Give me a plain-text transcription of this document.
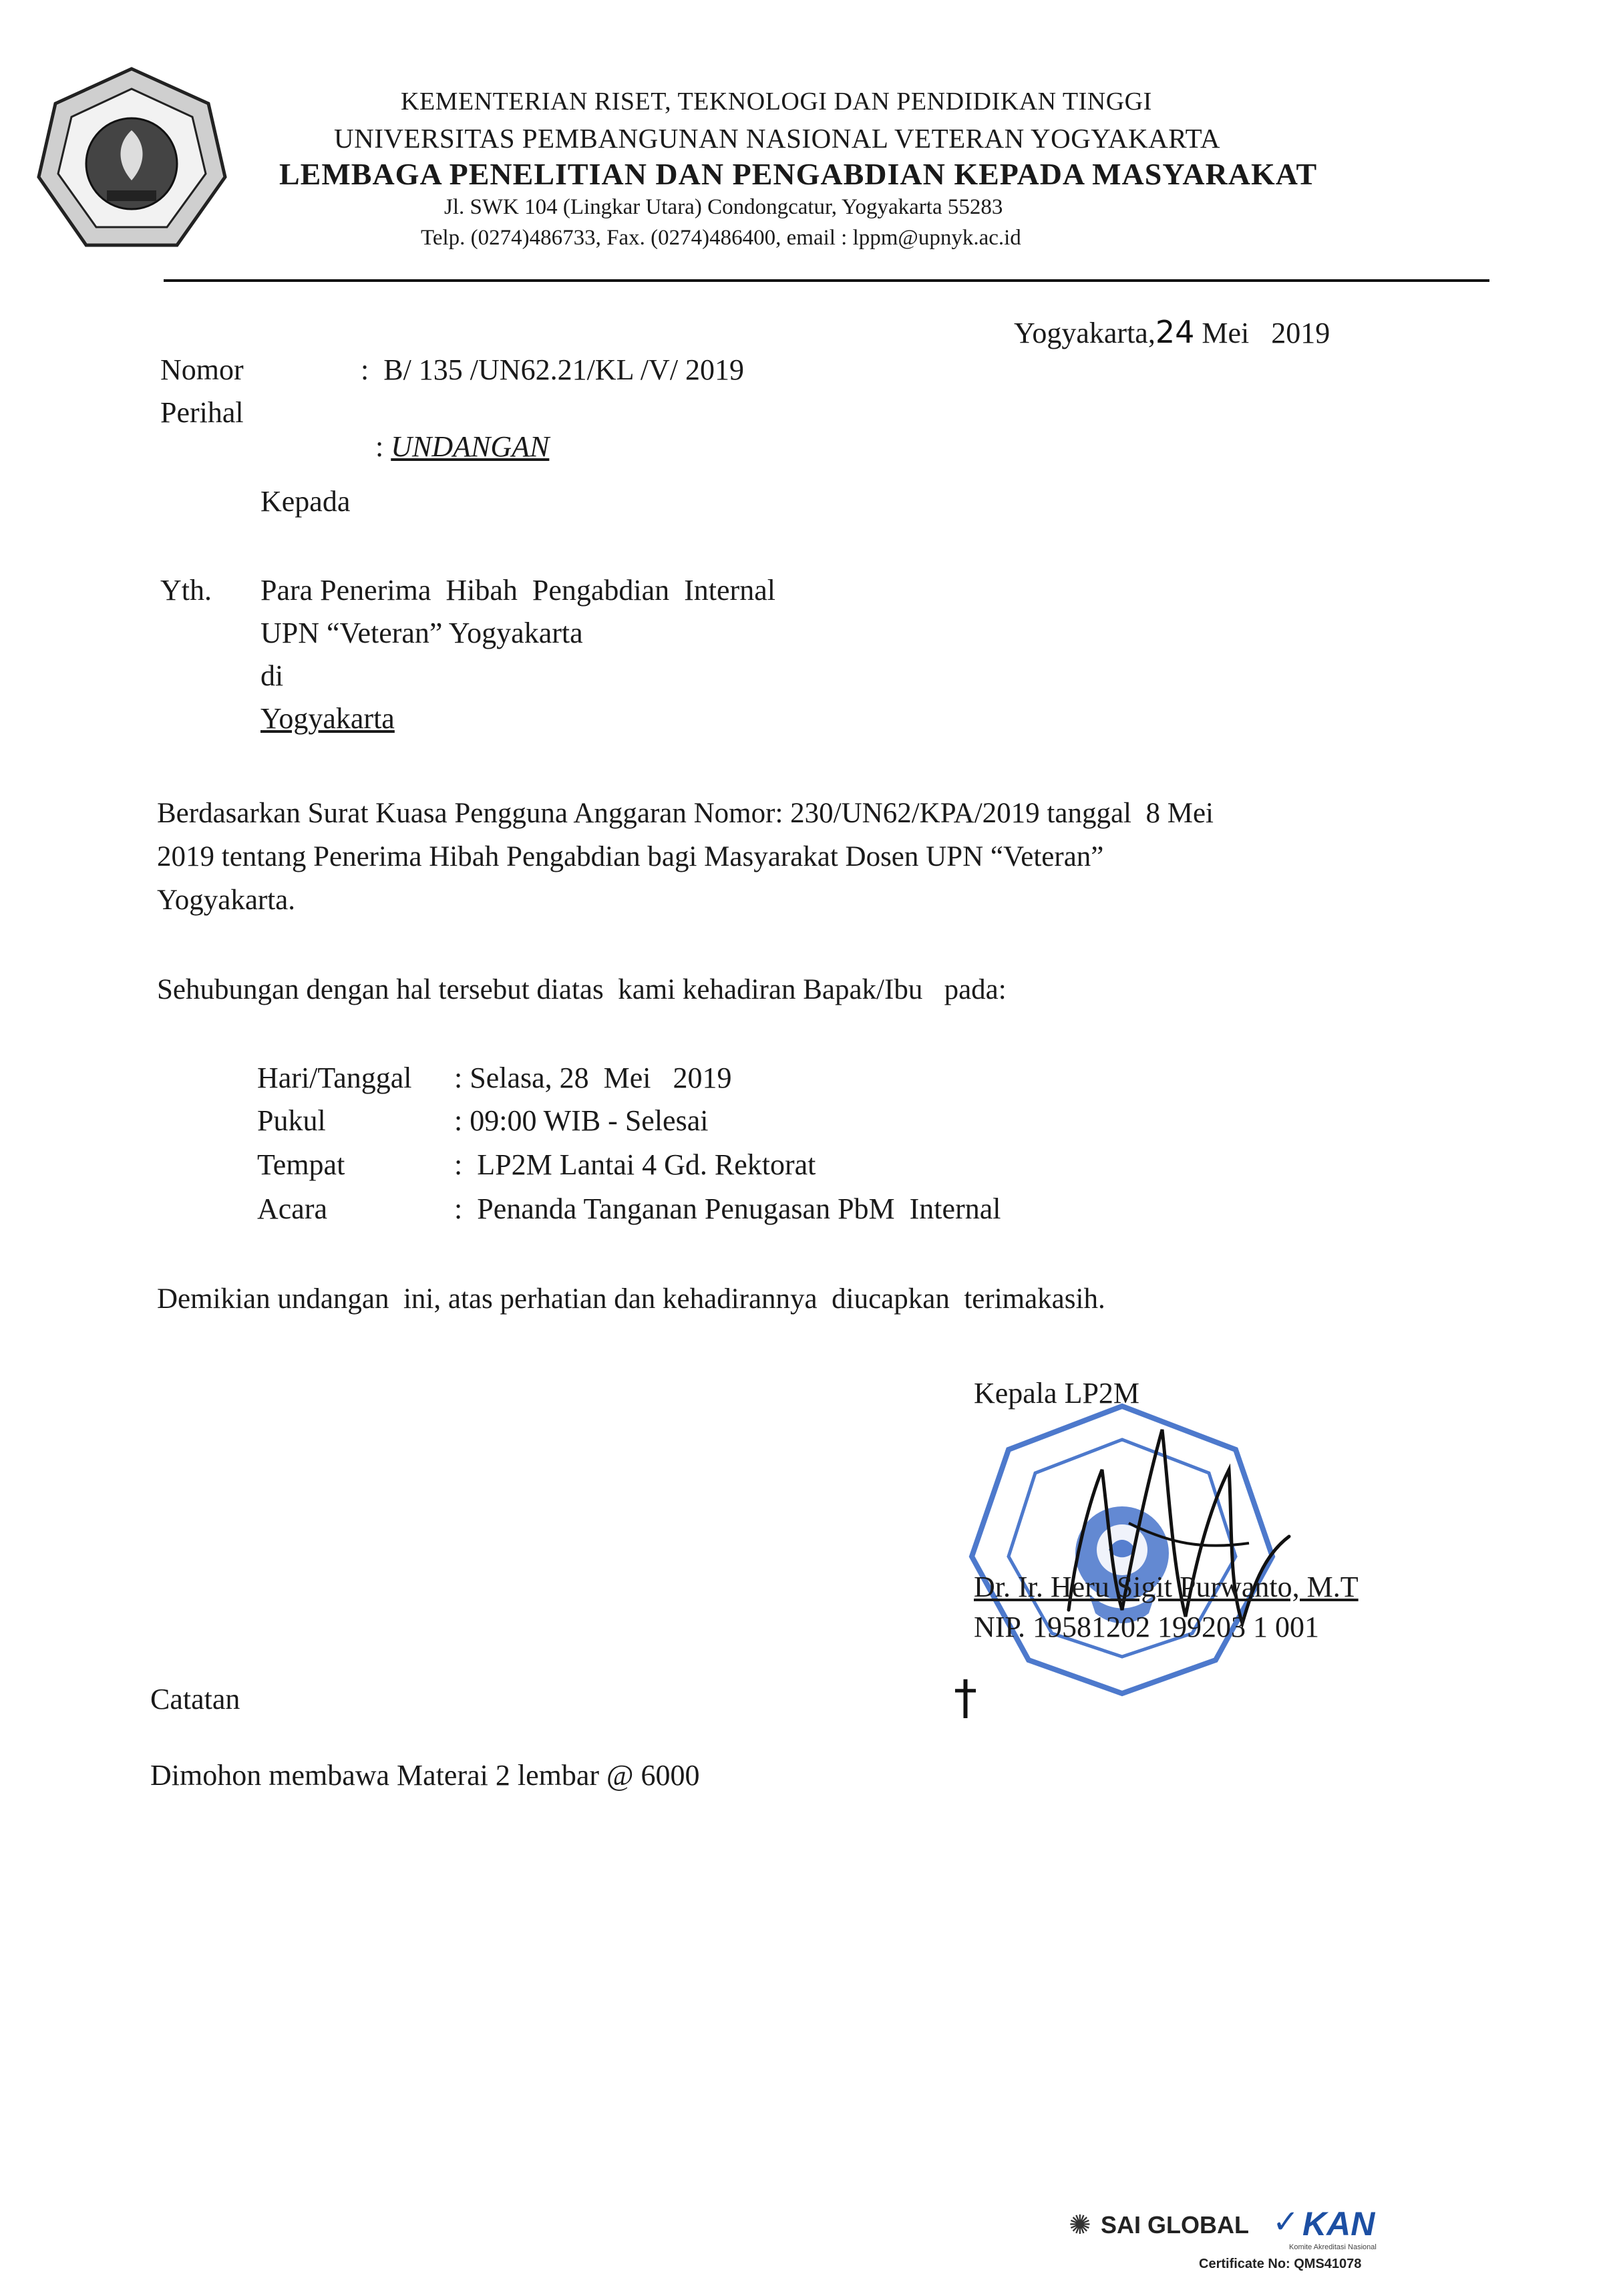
KEMENTERIAN RISET, TEKNOLOGI DAN PENDIDIKAN TINGGI
UNIVERSITAS PEMBANGUNAN NASIONAL VETERAN YOGYAKARTA
LEMBAGA PENELITIAN DAN PENGABDIAN KEPADA MASYARAKAT
Jl. SWK 104 (Lingkar Utara) Condongcatur, Yogyakarta 55283
Telp. (0274)486733, Fax. (0274)486400, email : lppm@upnyk.ac.id
Yogyakarta,24 Mei   2019
Nomor	:  B/ 135 /UN62.21/KL /V/ 2019
Perihal

: UNDANGAN

Kepada
Yth. Para Penerima  Hibah  Pengabdian  Internal
UPN “Veteran” Yogyakarta
di
Yogyakarta
Berdasarkan Surat Kuasa Pengguna Anggaran Nomor: 230/UN62/KPA/2019 tanggal  8 Mei
2019 tentang Penerima Hibah Pengabdian bagi Masyarakat Dosen UPN “Veteran”
Yogyakarta.
Sehubungan dengan hal tersebut diatas  kami kehadiran Bapak/Ibu   pada:
Hari/Tanggal : Selasa, 28  Mei   2019
Pukul	: 09:00 WIB - Selesai
Tempat	:  LP2M Lantai 4 Gd. Rektorat
Acara	:  Penanda Tanganan Penugasan PbM  Internal
Demikian undangan  ini, atas perhatian dan kehadirannya  diucapkan  terimakasih.
Kepala LP2M
Dr. Ir. Heru Sigit Purwanto, M.T
NIP. 19581202 199203 1 001
†
Catatan
Dimohon membawa Materai 2 lembar @ 6000
✺ SAI GLOBAL ✓ KAN
Komite Akreditasi Nasional
Certificate No: QMS41078
